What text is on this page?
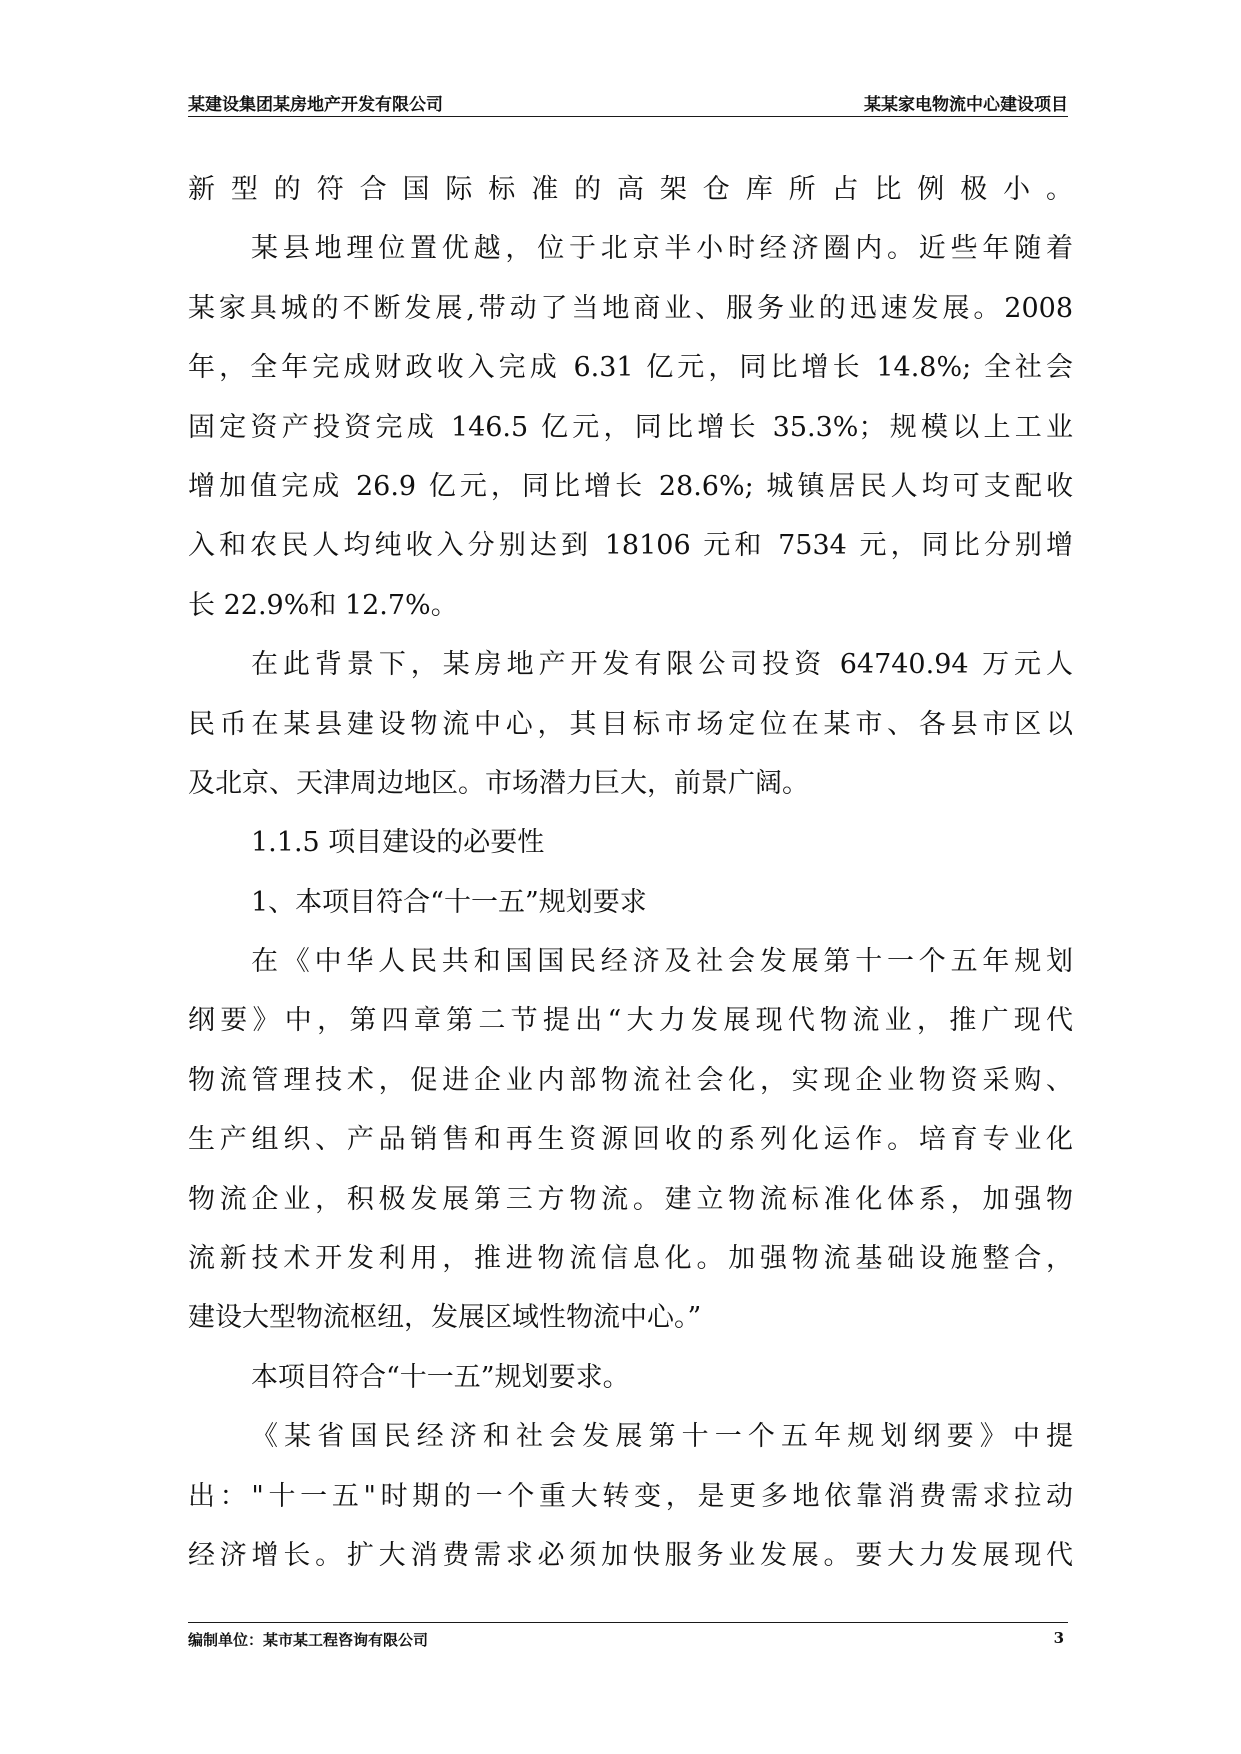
某建设集团某房地产开发有限公司	某某家电物流中心建设项目
新型的符合国际标准的高架仓库所占比例极小。
某县地理位置优越，位于北京半小时经济圈内。近些年随着
某家具城的不断发展,带动了当地商业、服务业的迅速发展。2008
年，全年完成财政收入完成 6.31 亿元，同比增长 14.8%; 全社会
固定资产投资完成 146.5 亿元，同比增长 35.3%；规模以上工业
增加值完成 26.9 亿元，同比增长 28.6%; 城镇居民人均可支配收
入和农民人均纯收入分别达到 18106 元和 7534 元，同比分别增
长 22.9%和 12.7%。
在此背景下，某房地产开发有限公司投资 64740.94 万元人
民币在某县建设物流中心，其目标市场定位在某市、各县市区以
及北京、天津周边地区。市场潜力巨大，前景广阔。
1.1.5 项目建设的必要性
1、本项目符合“十一五”规划要求
在《中华人民共和国国民经济及社会发展第十一个五年规划
纲要》中，第四章第二节提出“大力发展现代物流业，推广现代
物流管理技术，促进企业内部物流社会化，实现企业物资采购、
生产组织、产品销售和再生资源回收的系列化运作。培育专业化
物流企业，积极发展第三方物流。建立物流标准化体系，加强物
流新技术开发利用，推进物流信息化。加强物流基础设施整合，
建设大型物流枢纽，发展区域性物流中心。”
本项目符合“十一五”规划要求。
《某省国民经济和社会发展第十一个五年规划纲要》中提
出："十一五"时期的一个重大转变，是更多地依靠消费需求拉动
经济增长。扩大消费需求必须加快服务业发展。要大力发展现代
编制单位：某市某工程咨询有限公司	3
